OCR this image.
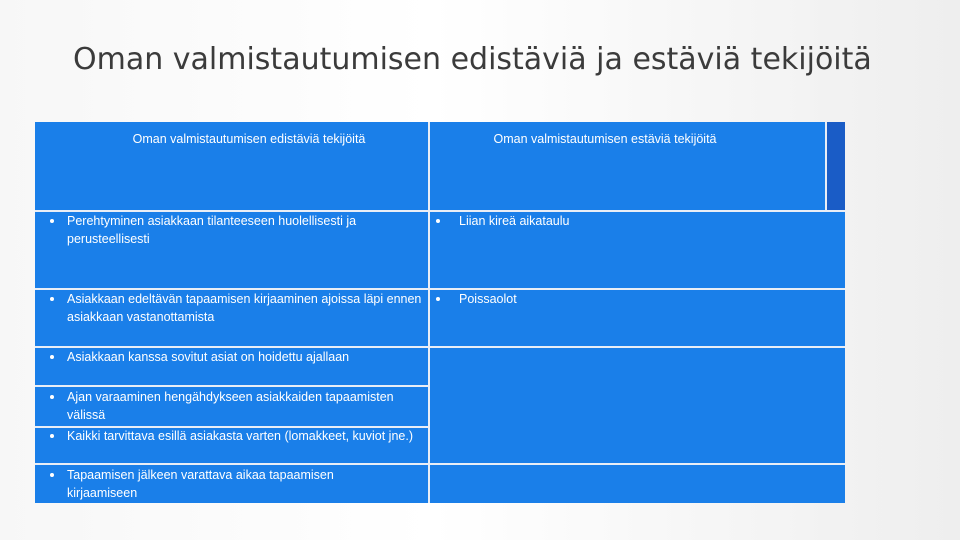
Oman valmistautumisen edistäviä ja estäviä tekijöitä
Oman valmistautumisen edistäviä tekijöitä	Oman valmistautumisen estäviä tekijöitä
Perehtyminen asiakkaan tilanteeseen huolellisesti ja perusteellisesti
Asiakkaan edeltävän tapaamisen kirjaaminen ajoissa läpi ennen asiakkaan vastanottamista
Asiakkaan kanssa sovitut asiat on hoidettu ajallaan
Ajan varaaminen hengähdykseen asiakkaiden tapaamisten välissä
Kaikki tarvittava esillä asiakasta varten (lomakkeet, kuviot jne.)
Tapaamisen jälkeen varattava aikaa tapaamisen kirjaamiseen
Liian kireä aikataulu
Poissaolot
